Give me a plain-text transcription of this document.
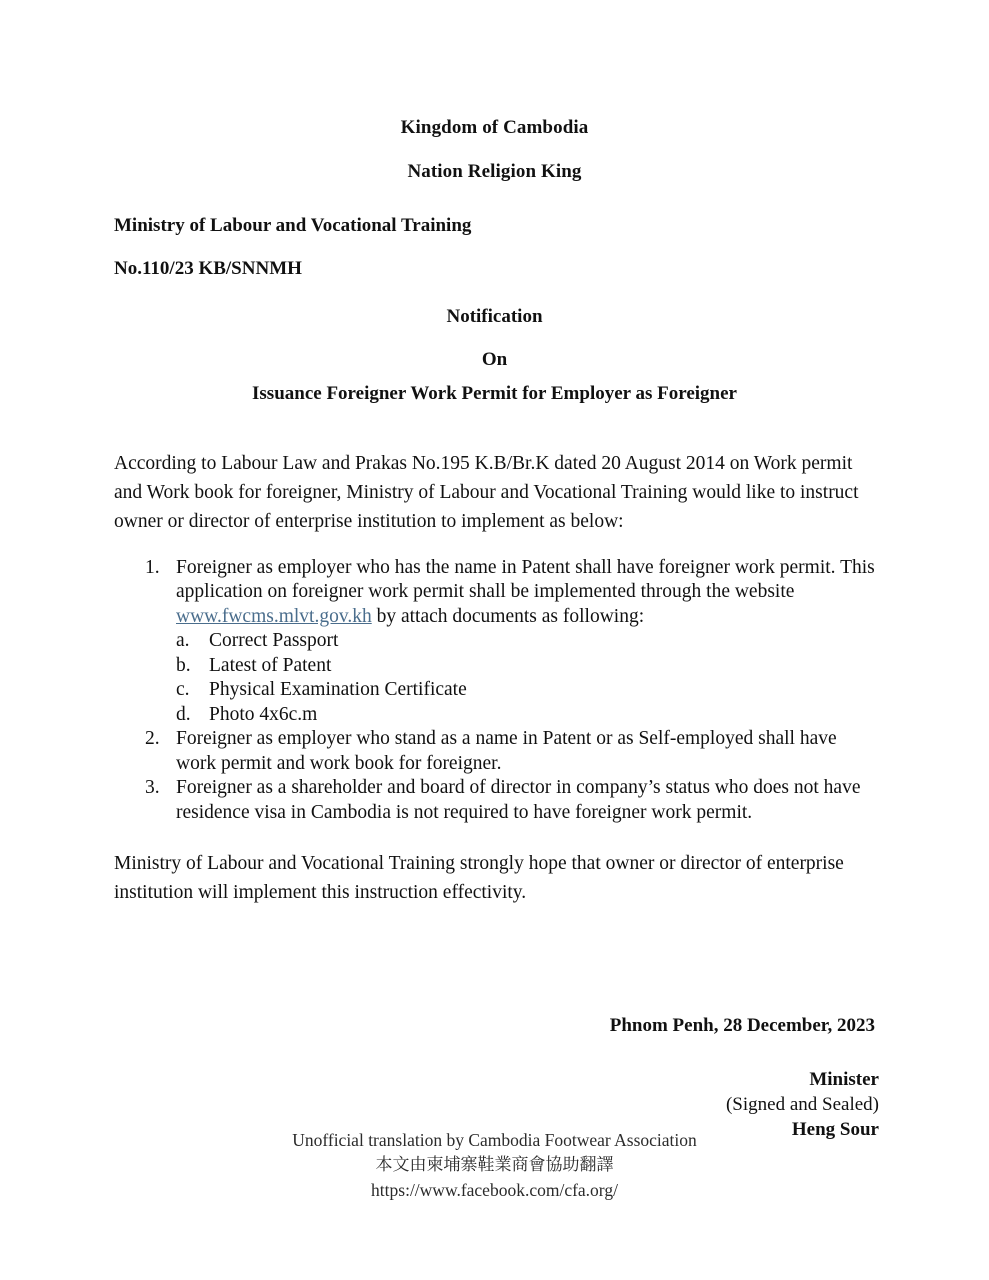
Kingdom of Cambodia
Nation Religion King
Ministry of Labour and Vocational Training
No.110/23 KB/SNNMH
Notification
On
Issuance Foreigner Work Permit for Employer as Foreigner

According to Labour Law and Prakas No.195 K.B/Br.K dated 20 August 2014 on Work permit and Work book for foreigner, Ministry of Labour and Vocational Training would like to instruct owner or director of enterprise institution to implement as below:

1. Foreigner as employer who has the name in Patent shall have foreigner work permit. This application on foreigner work permit shall be implemented through the website www.fwcms.mlvt.gov.kh by attach documents as following:
a. Correct Passport
b. Latest of Patent
c. Physical Examination Certificate
d. Photo 4x6c.m
2. Foreigner as employer who stand as a name in Patent or as Self-employed shall have work permit and work book for foreigner.
3. Foreigner as a shareholder and board of director in company’s status who does not have residence visa in Cambodia is not required to have foreigner work permit.

Ministry of Labour and Vocational Training strongly hope that owner or director of enterprise institution will implement this instruction effectivity.

Phnom Penh, 28 December, 2023
Minister
(Signed and Sealed)
Heng Sour
Unofficial translation by Cambodia Footwear Association
本文由柬埔寨鞋業商會協助翻譯
https://www.facebook.com/cfa.org/
